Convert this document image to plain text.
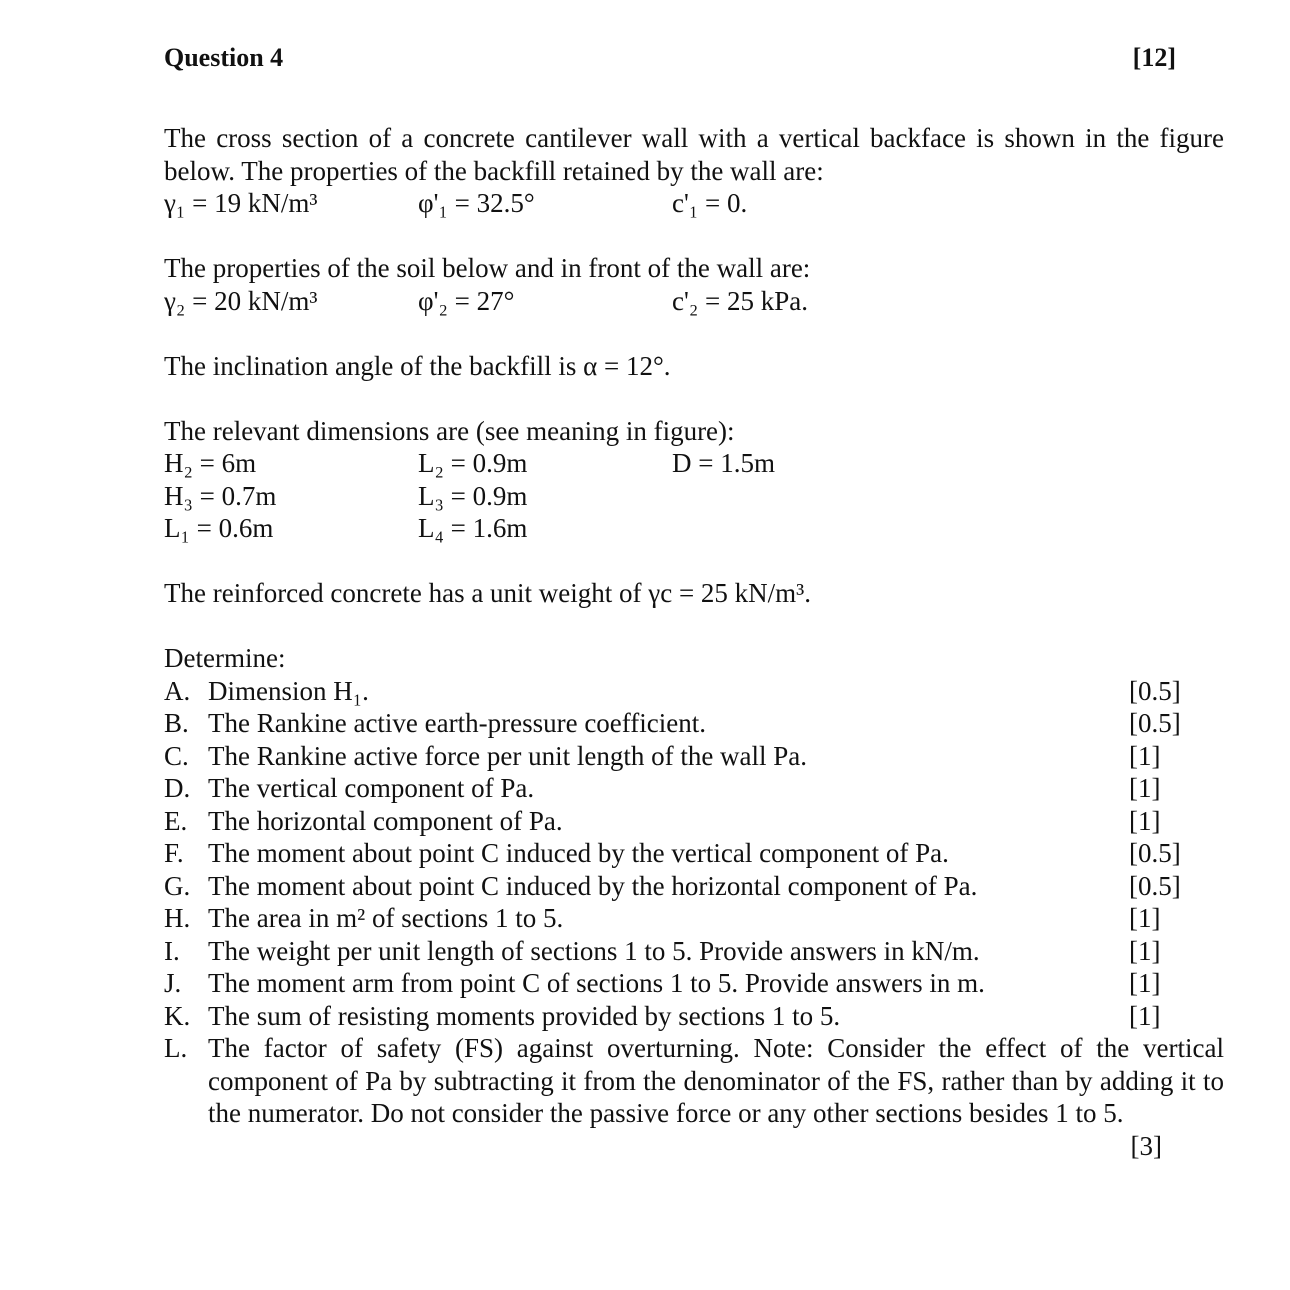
Question 4	[12]

The cross section of a concrete cantilever wall with a vertical backface is shown in the figure below. The properties of the backfill retained by the wall are:

γ₁ = 19 kN/m³	φ'₁ = 32.5°	c'₁ = 0.

The properties of the soil below and in front of the wall are:

γ₂ = 20 kN/m³	φ'₂ = 27°	c'₂ = 25 kPa.

The inclination angle of the backfill is α = 12°.

The relevant dimensions are (see meaning in figure):

H₂ = 6m	L₂ = 0.9m	D = 1.5m
H₃ = 0.7m	L₃ = 0.9m
L₁ = 0.6m	L₄ = 1.6m

The reinforced concrete has a unit weight of γc = 25 kN/m³.

Determine:

A. Dimension H₁.	[0.5]
B. The Rankine active earth-pressure coefficient.	[0.5]
C. The Rankine active force per unit length of the wall Pa.	[1]
D. The vertical component of Pa.	[1]
E. The horizontal component of Pa.	[1]
F. The moment about point C induced by the vertical component of Pa.	[0.5]
G. The moment about point C induced by the horizontal component of Pa.	[0.5]
H. The area in m² of sections 1 to 5.	[1]
I.	The weight per unit length of sections 1 to 5. Provide answers in kN/m.	[1]
J. The moment arm from point C of sections 1 to 5. Provide answers in m.	[1]
K. The sum of resisting moments provided by sections 1 to 5.	[1]
L. The factor of safety (FS) against overturning. Note: Consider the effect of the vertical component of Pa by subtracting it from the denominator of the FS, rather than by adding it to the numerator. Do not consider the passive force or any other sections besides 1 to 5.

[3]
